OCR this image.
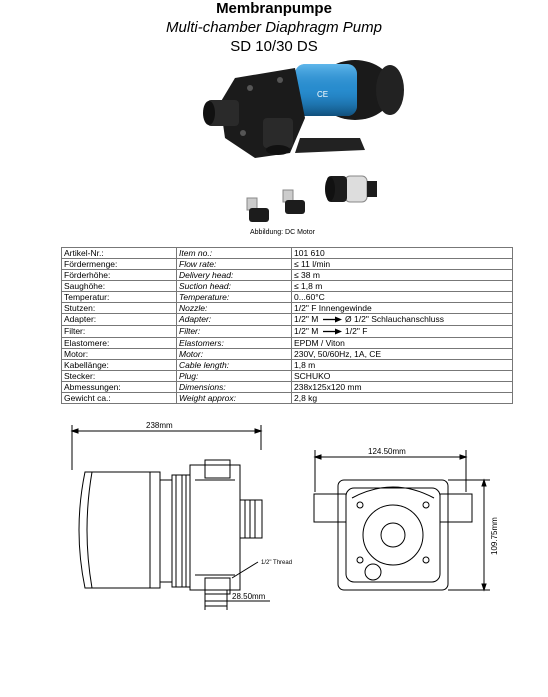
Membranpumpe
Multi-chamber Diaphragm Pump
SD 10/30 DS
CE
Abbildung: DC Motor
Artikel-Nr.:	Item no.:	101 610
Fördermenge:	Flow rate:	≤ 11 l/min
Förderhöhe:	Delivery head:	≤ 38 m
Saughöhe:	Suction head:	≤ 1,8 m
Temperatur:	Temperature:	0...60°C
Stutzen:	Nozzle:	1/2" F Innengewinde
Adapter:	Adapter:	1/2" M Ø 1/2" Schlauchanschluss
Filter:	Filter:	1/2" M 1/2" F
Elastomere:	Elastomers:	EPDM / Viton
Motor:	Motor:	230V, 50/60Hz, 1A, CE
Kabellänge:	Cable length:	1,8 m
Stecker:	Plug:	SCHUKO
Abmessungen:	Dimensions:	238x125x120 mm
Gewicht ca.:	Weight approx:	2,8 kg
238mm
1/2" Thread
28.50mm
124.50mm
109.75mm
